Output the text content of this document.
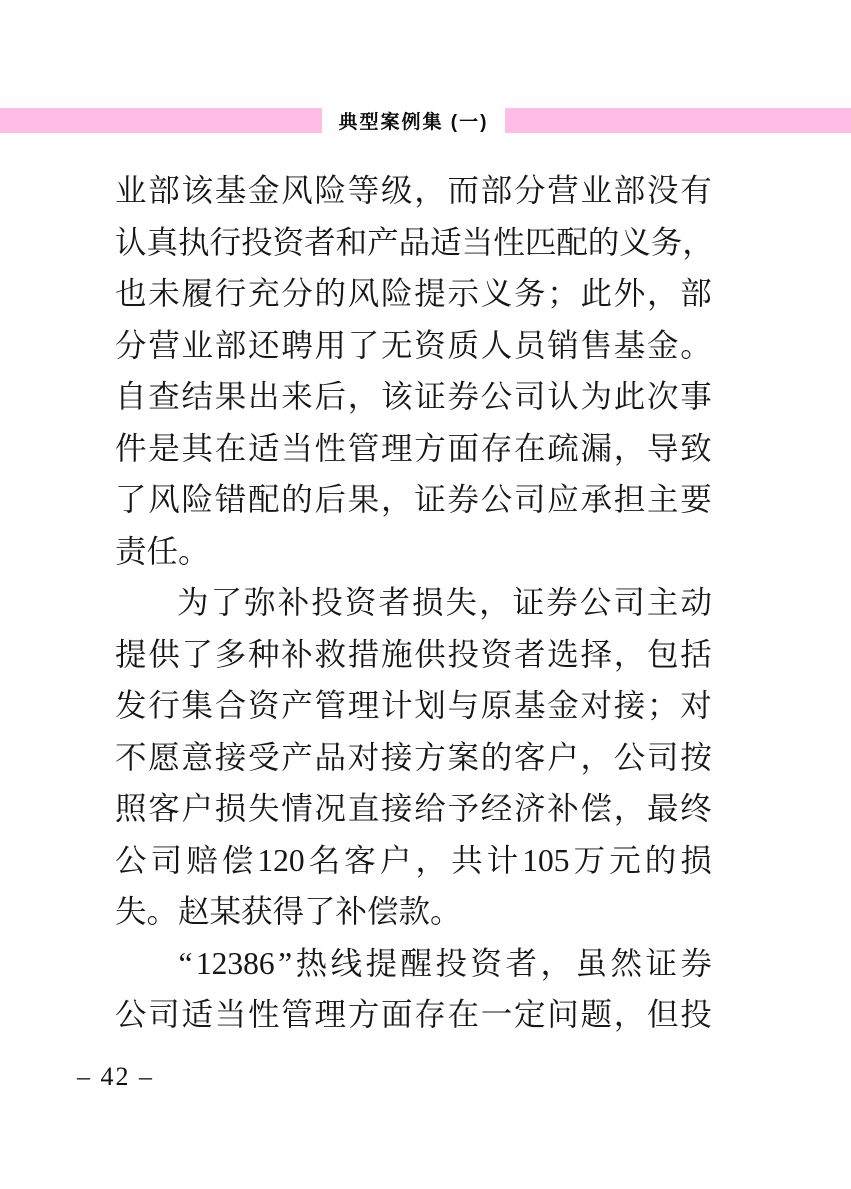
典型案例集 (一)
业 部 该 基 金 风 险 等 级 ， 而 部 分 营 业 部 没 有
认 真 执 行 投 资 者 和 产 品 适 当 性 匹 配 的 义 务 ，
也 未 履 行 充 分 的 风 险 提 示 义 务 ； 此 外 ， 部
分 营 业 部 还 聘 用 了 无 资 质 人 员 销 售 基 金 。
自 查 结 果 出 来 后 ， 该 证 券 公 司 认 为 此 次 事
件 是 其 在 适 当 性 管 理 方 面 存 在 疏 漏 ， 导 致
了 风 险 错 配 的 后 果 ， 证 券 公 司 应 承 担 主 要
责任。
为 了 弥 补 投 资 者 损 失 ， 证 券 公 司 主 动
提 供 了 多 种 补 救 措 施 供 投 资 者 选 择 ， 包 括
发 行 集 合 资 产 管 理 计 划 与 原 基 金 对 接 ； 对
不 愿 意 接 受 产 品 对 接 方 案 的 客 户 ， 公 司 按
照 客 户 损 失 情 况 直 接 给 予 经 济 补 偿 ， 最 终
公 司 赔 偿 120 名 客 户 ， 共 计 105 万 元 的 损
失。赵某获得了补偿款。
“ 12386 ” 热 线 提 醒 投 资 者 ， 虽 然 证 券
公 司 适 当 性 管 理 方 面 存 在 一 定 问 题 ， 但 投
– 42 –
